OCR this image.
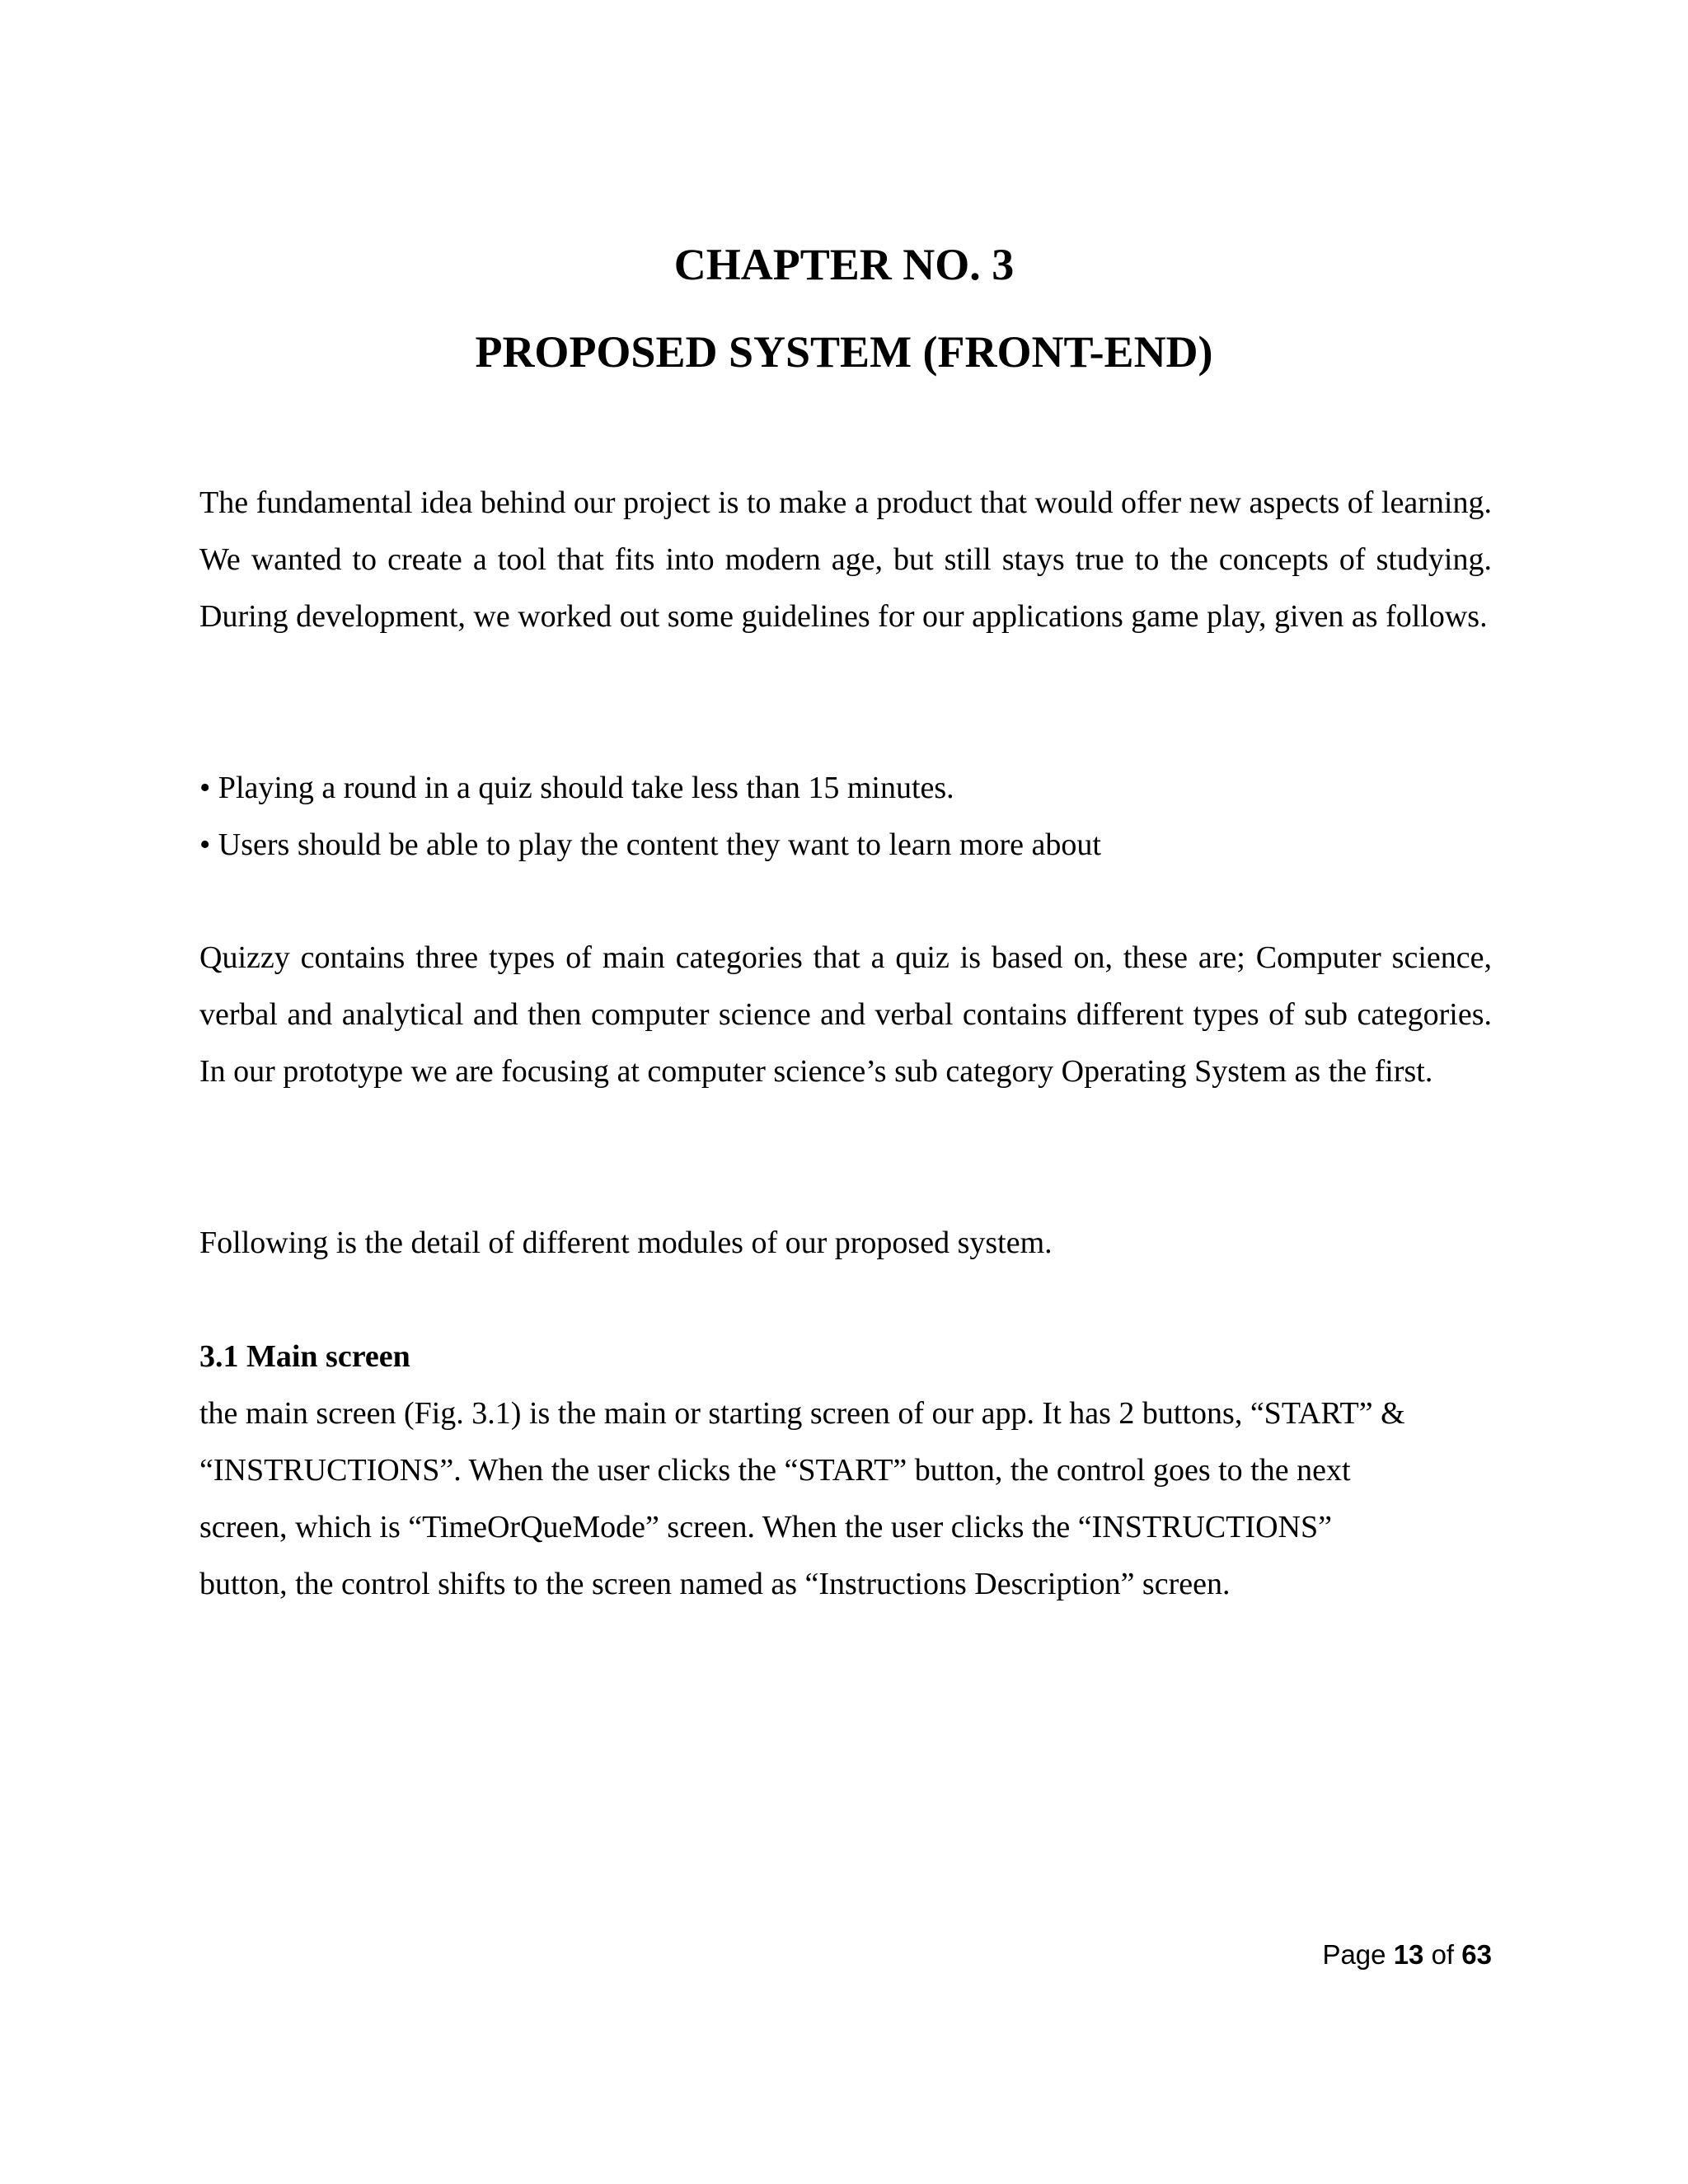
CHAPTER NO. 3
PROPOSED SYSTEM (FRONT-END)

The fundamental idea behind our project is to make a product that would offer new aspects of learning. We wanted to create a tool that fits into modern age, but still stays true to the concepts of studying. During development, we worked out some guidelines for our applications game play, given as follows.

• Playing a round in a quiz should take less than 15 minutes.
• Users should be able to play the content they want to learn more about

Quizzy contains three types of main categories that a quiz is based on, these are; Computer science, verbal and analytical and then computer science and verbal contains different types of sub categories. In our prototype we are focusing at computer science’s sub category Operating System as the first.

Following is the detail of different modules of our proposed system.

3.1 Main screen
the main screen (Fig. 3.1) is the main or starting screen of our app. It has 2 buttons, “START” &
“INSTRUCTIONS”. When the user clicks the “START” button, the control goes to the next
screen, which is “TimeOrQueMode” screen. When the user clicks the “INSTRUCTIONS”
button, the control shifts to the screen named as “Instructions Description” screen.
Page 13 of 63
